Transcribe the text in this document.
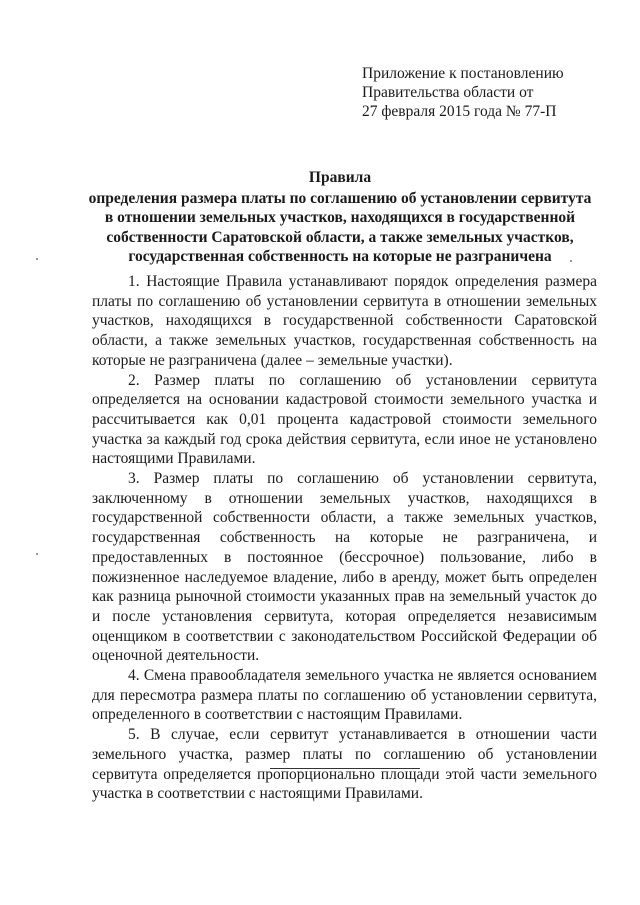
Приложение к постановлению
Правительства области от
27 февраля 2015 года № 77-П
Правила
определения размера платы по соглашению об установлении сервитута
в отношении земельных участков, находящихся в государственной
собственности Саратовской области, а также земельных участков,
государственная собственность на которые не разграничена

1. Настоящие Правила устанавливают порядок определения размера платы по соглашению об установлении сервитута в отношении земельных участков, находящихся в государственной собственности Саратовской области, а также земельных участков, государственная собственность на которые не разграничена (далее – земельные участки).

2. Размер платы по соглашению об установлении сервитута определяется на основании кадастровой стоимости земельного участка и рассчитывается как 0,01 процента кадастровой стоимости земельного участка за каждый год срока действия сервитута, если иное не установлено настоящими Правилами.

3. Размер платы по соглашению об установлении сервитута, заключенному в отношении земельных участков, находящихся в государственной собственности области, а также земельных участков, государственная собственность на которые не разграничена, и предоставленных в постоянное (бессрочное) пользование, либо в пожизненное наследуемое владение, либо в аренду, может быть определен как разница рыночной стоимости указанных прав на земельный участок до и после установления сервитута, которая определяется независимым оценщиком в соответствии с законодательством Российской Федерации об оценочной деятельности.

4. Смена правообладателя земельного участка не является основанием для пересмотра размера платы по соглашению об установлении сервитута, определенного в соответствии с настоящим Правилами.

5. В случае, если сервитут устанавливается в отношении части земельного участка, размер платы по соглашению об установлении сервитута определяется пропорционально площади этой части земельного участка в соответствии с настоящими Правилами.
